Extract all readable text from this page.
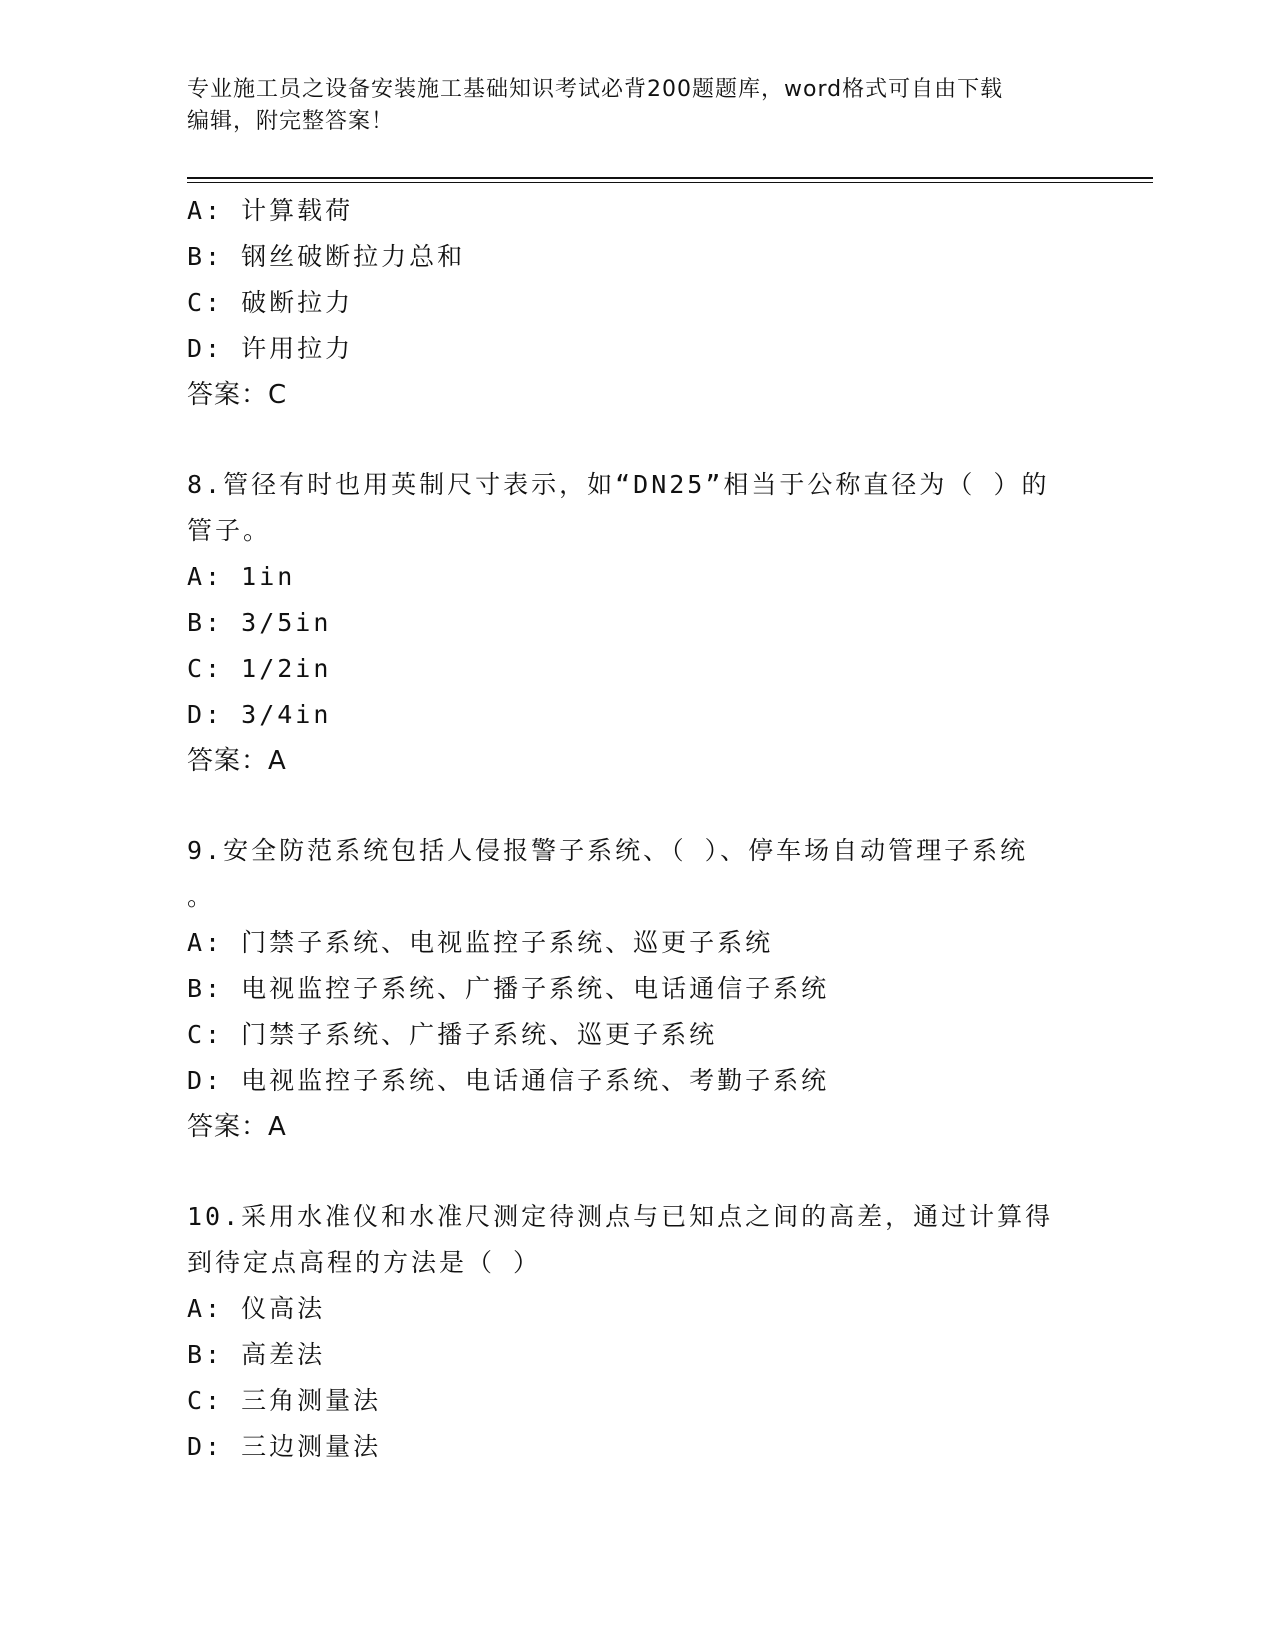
专业施工员之设备安装施工基础知识考试必背200题题库，word格式可自由下载
编辑，附完整答案！
A: 计算载荷
B: 钢丝破断拉力总和
C: 破断拉力
D: 许用拉力
答案：C
8.管径有时也用英制尺寸表示，如“DN25”相当于公称直径为（ ）的
管子。
A: 1in
B: 3/5in
C: 1/2in
D: 3/4in
答案：A
9.安全防范系统包括人侵报警子系统、（ ）、停车场自动管理子系统
。
A: 门禁子系统、电视监控子系统、巡更子系统
B: 电视监控子系统、广播子系统、电话通信子系统
C: 门禁子系统、广播子系统、巡更子系统
D: 电视监控子系统、电话通信子系统、考勤子系统
答案：A
10.采用水准仪和水准尺测定待测点与已知点之间的高差，通过计算得
到待定点高程的方法是（ ）
A: 仪高法
B: 高差法
C: 三角测量法
D: 三边测量法
